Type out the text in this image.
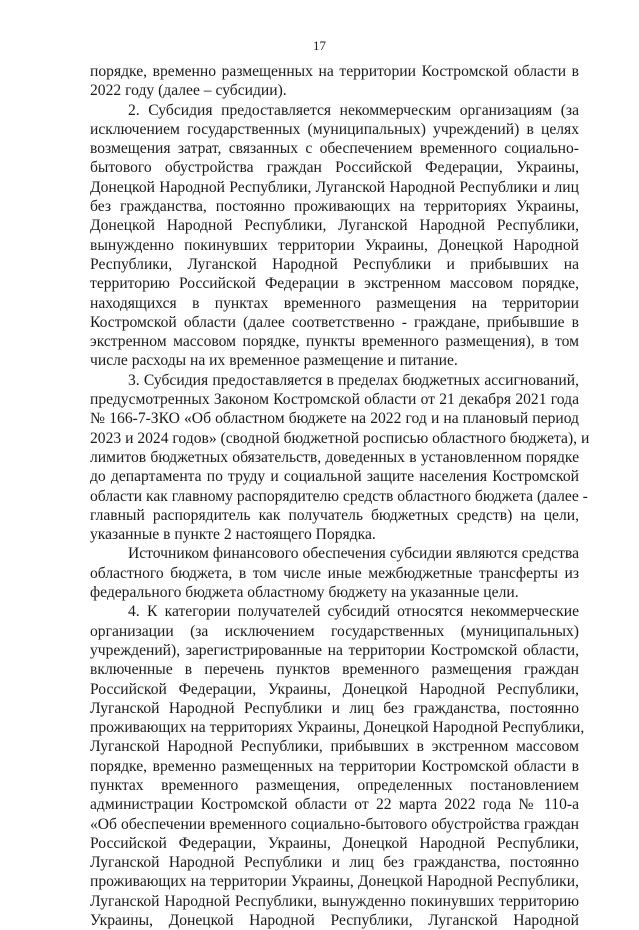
17
порядке, временно размещенных на территории Костромской области в
2022 году (далее – субсидии).
2. Субсидия предоставляется некоммерческим организациям (за
исключением государственных (муниципальных) учреждений) в целях
возмещения затрат, связанных с обеспечением временного социально-
бытового обустройства граждан Российской Федерации, Украины,
Донецкой Народной Республики, Луганской Народной Республики и лиц
без гражданства, постоянно проживающих на территориях Украины,
Донецкой Народной Республики, Луганской Народной Республики,
вынужденно покинувших территории Украины, Донецкой Народной
Республики, Луганской Народной Республики и прибывших на
территорию Российской Федерации в экстренном массовом порядке,
находящихся в пунктах временного размещения на территории
Костромской области (далее соответственно - граждане, прибывшие в
экстренном массовом порядке, пункты временного размещения), в том
числе расходы на их временное размещение и питание.
3. Субсидия предоставляется в пределах бюджетных ассигнований,
предусмотренных Законом Костромской области от 21 декабря 2021 года
№ 166-7-ЗКО «Об областном бюджете на 2022 год и на плановый период
2023 и 2024 годов» (сводной бюджетной росписью областного бюджета), и
лимитов бюджетных обязательств, доведенных в установленном порядке
до департамента по труду и социальной защите населения Костромской
области как главному распорядителю средств областного бюджета (далее -
главный распорядитель как получатель бюджетных средств) на цели,
указанные в пункте 2 настоящего Порядка.
Источником финансового обеспечения субсидии являются средства
областного бюджета, в том числе иные межбюджетные трансферты из
федерального бюджета областному бюджету на указанные цели.
4. К категории получателей субсидий относятся некоммерческие
организации (за исключением государственных (муниципальных)
учреждений), зарегистрированные на территории Костромской области,
включенные в перечень пунктов временного размещения граждан
Российской Федерации, Украины, Донецкой Народной Республики,
Луганской Народной Республики и лиц без гражданства, постоянно
проживающих на территориях Украины, Донецкой Народной Республики,
Луганской Народной Республики, прибывших в экстренном массовом
порядке, временно размещенных на территории Костромской области в
пунктах временного размещения, определенных постановлением
администрации Костромской области от 22 марта 2022 года № 110-а
«Об обеспечении временного социально-бытового обустройства граждан
Российской Федерации, Украины, Донецкой Народной Республики,
Луганской Народной Республики и лиц без гражданства, постоянно
проживающих на территории Украины, Донецкой Народной Республики,
Луганской Народной Республики, вынужденно покинувших территорию
Украины, Донецкой Народной Республики, Луганской Народной
